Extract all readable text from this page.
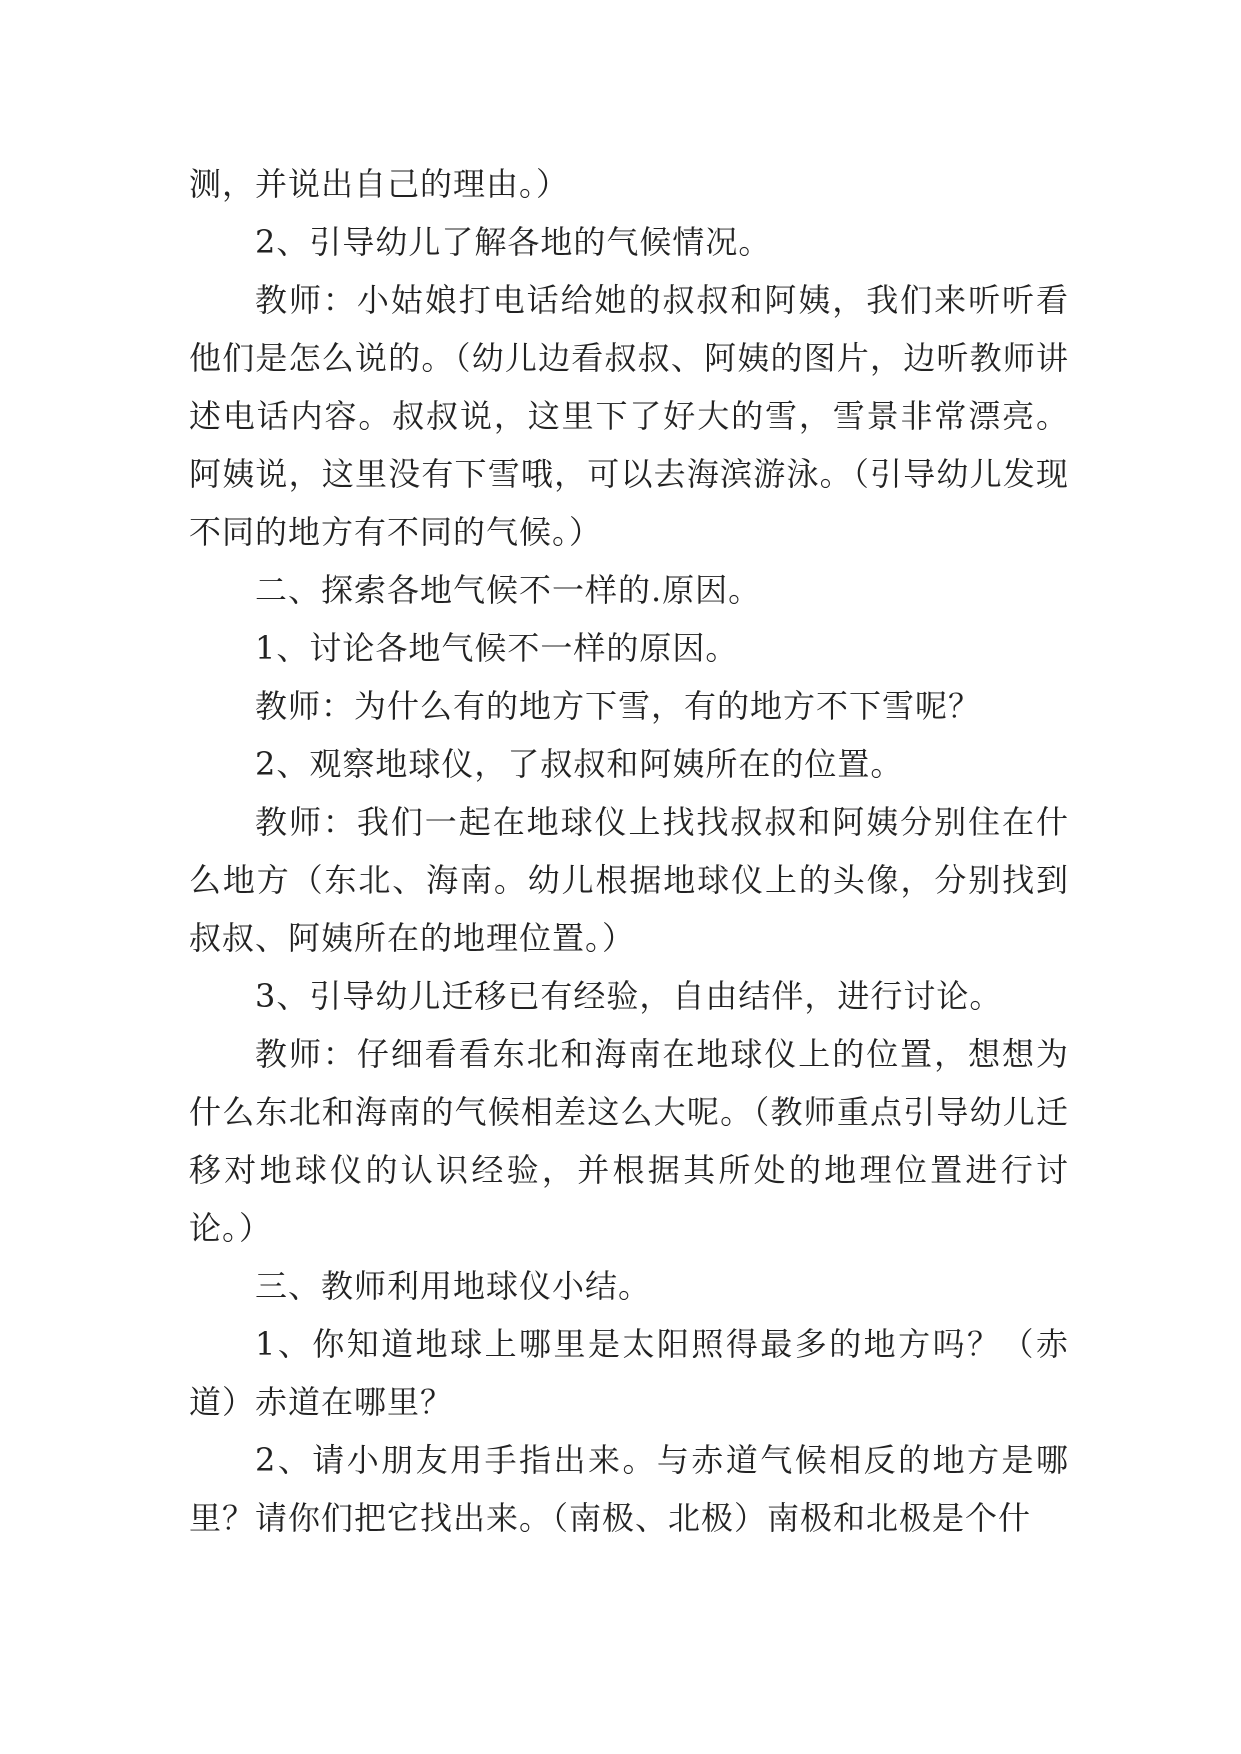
测，并说出自己的理由。）

2、引导幼儿了解各地的气候情况。

教师：小姑娘打电话给她的叔叔和阿姨，我们来听听看他们是怎么说的。（幼儿边看叔叔、阿姨的图片，边听教师讲述电话内容。叔叔说，这里下了好大的雪，雪景非常漂亮。阿姨说，这里没有下雪哦，可以去海滨游泳。（引导幼儿发现不同的地方有不同的气候。）

二、探索各地气候不一样的.原因。

1、讨论各地气候不一样的原因。

教师：为什么有的地方下雪，有的地方不下雪呢？

2、观察地球仪，了叔叔和阿姨所在的位置。

教师：我们一起在地球仪上找找叔叔和阿姨分别住在什么地方（东北、海南。幼儿根据地球仪上的头像，分别找到叔叔、阿姨所在的地理位置。）

3、引导幼儿迁移已有经验，自由结伴，进行讨论。

教师：仔细看看东北和海南在地球仪上的位置，想想为什么东北和海南的气候相差这么大呢。（教师重点引导幼儿迁移对地球仪的认识经验，并根据其所处的地理位置进行讨论。）

三、教师利用地球仪小结。

1、你知道地球上哪里是太阳照得最多的地方吗？（赤道）赤道在哪里？

2、请小朋友用手指出来。与赤道气候相反的地方是哪里？请你们把它找出来。（南极、北极）南极和北极是个什
